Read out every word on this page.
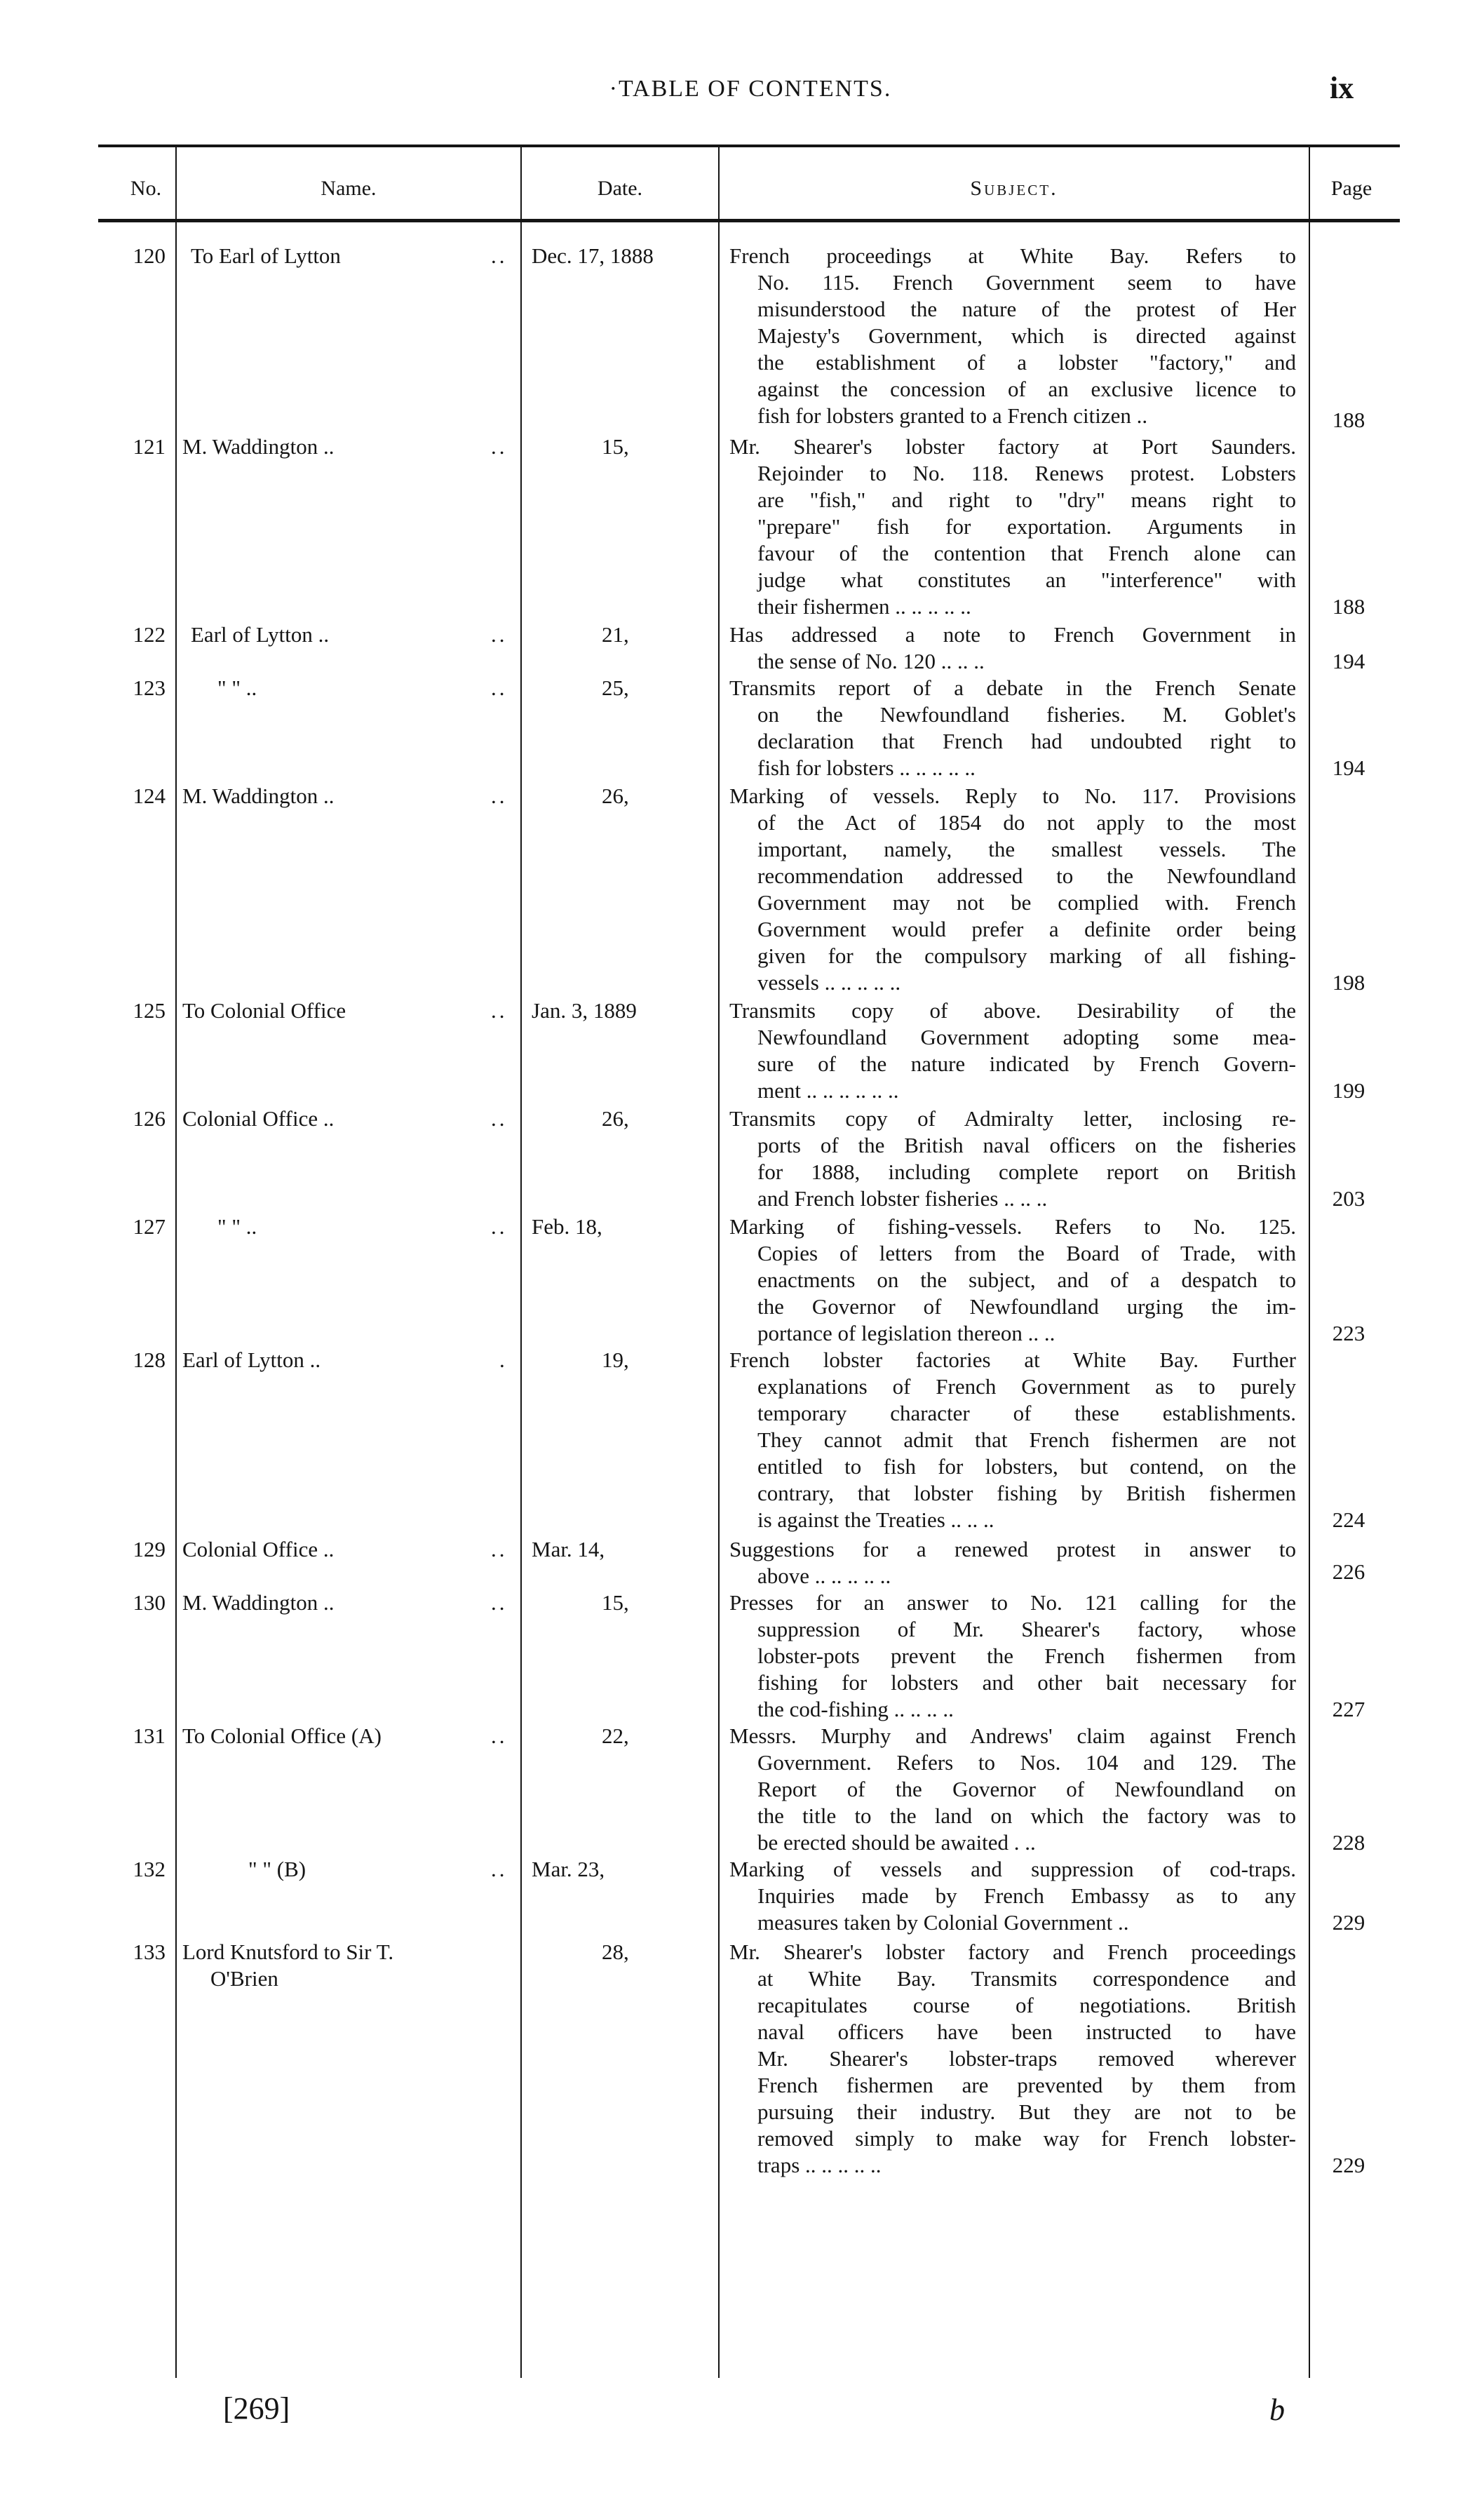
·TABLE OF CONTENTS.	ix
No.	Name.	Date.	Subject.	Page
120 To Earl of Lytton	.. Dec. 17, 1888	French proceedings at White Bay. Refers to
No. 115. French Government seem to have
misunderstood the nature of the protest of Her
Majesty's Government, which is directed against
the establishment of a lobster "factory," and
against the concession of an exclusive licence to
fish for lobsters granted to a French citizen ..	188
121 M. Waddington ..	..	15,	Mr. Shearer's lobster factory at Port Saunders.
Rejoinder to No. 118. Renews protest. Lobsters
are "fish," and right to "dry" means right to
"prepare" fish for exportation. Arguments in
favour of the contention that French alone can
judge what constitutes an "interference" with
their fishermen .. .. .. .. ..	188
122 Earl of Lytton ..	..	21,	Has addressed a note to French Government in
the sense of No. 120 .. .. ..	194
123 " " ..	..	25,	Transmits report of a debate in the French Senate
on the Newfoundland fisheries. M. Goblet's
declaration that French had undoubted right to
fish for lobsters .. .. .. .. ..	194
124 M. Waddington ..	..	26,	Marking of vessels. Reply to No. 117. Provisions
of the Act of 1854 do not apply to the most
important, namely, the smallest vessels. The
recommendation addressed to the Newfoundland
Government may not be complied with. French
Government would prefer a definite order being
given for the compulsory marking of all fishing-
vessels .. .. .. .. ..	198
125 To Colonial Office	.. Jan. 3, 1889	Transmits copy of above. Desirability of the
Newfoundland Government adopting some mea-
sure of the nature indicated by French Govern-
ment .. .. .. .. .. ..	199
126 Colonial Office ..	..	26,	Transmits copy of Admiralty letter, inclosing re-
ports of the British naval officers on the fisheries
for 1888, including complete report on British
and French lobster fisheries .. .. ..	203
127 " " ..	.. Feb. 18,	Marking of fishing-vessels. Refers to No. 125.
Copies of letters from the Board of Trade, with
enactments on the subject, and of a despatch to
the Governor of Newfoundland urging the im-
portance of legislation thereon .. ..	223
128 Earl of Lytton ..	.	19,	French lobster factories at White Bay. Further
explanations of French Government as to purely
temporary character of these establishments.
They cannot admit that French fishermen are not
entitled to fish for lobsters, but contend, on the
contrary, that lobster fishing by British fishermen
is against the Treaties .. .. ..	224
129 Colonial Office ..	.. Mar. 14,	Suggestions for a renewed protest in answer to
above .. .. .. .. ..	226
130 M. Waddington ..	..	15,	Presses for an answer to No. 121 calling for the
suppression of Mr. Shearer's factory, whose
lobster-pots prevent the French fishermen from
fishing for lobsters and other bait necessary for
the cod-fishing .. .. .. ..	227
131 To Colonial Office (A)	..	22,	Messrs. Murphy and Andrews' claim against French
Government. Refers to Nos. 104 and 129. The
Report of the Governor of Newfoundland on
the title to the land on which the factory was to
be erected should be awaited . ..	228
132	" " (B)	.. Mar. 23,	Marking of vessels and suppression of cod-traps.
Inquiries made by French Embassy as to any
measures taken by Colonial Government ..	229
133 Lord Knutsford to Sir T.
O'Brien
28,	Mr. Shearer's lobster factory and French proceedings
at White Bay. Transmits correspondence and
recapitulates course of negotiations. British
naval officers have been instructed to have
Mr. Shearer's lobster-traps removed wherever
French fishermen are prevented by them from
pursuing their industry. But they are not to be
removed simply to make way for French lobster-
traps .. .. .. .. ..	229
[269]	b
